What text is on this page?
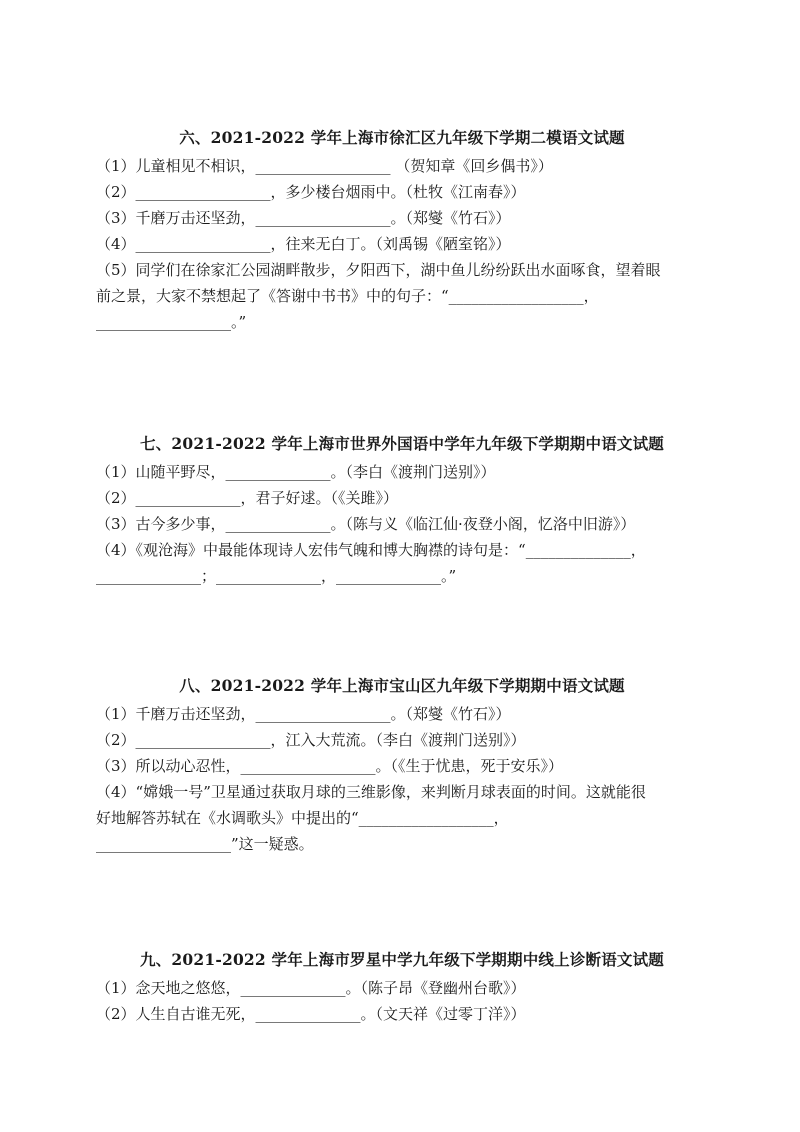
六、2021-2022 学年上海市徐汇区九年级下学期二模语文试题
（1）儿童相见不相识，__________________ （贺知章《回乡偶书》）
（2）__________________，多少楼台烟雨中。（杜牧《江南春》）
（3）千磨万击还坚劲，__________________。（郑燮《竹石》）
（4）__________________，往来无白丁。（刘禹锡《陋室铭》）
（5）同学们在徐家汇公园湖畔散步，夕阳西下，湖中鱼儿纷纷跃出水面啄食，望着眼
前之景，大家不禁想起了《答谢中书书》中的句子：“__________________，
__________________。”
七、2021-2022 学年上海市世界外国语中学年九年级下学期期中语文试题
（1）山随平野尽，______________。（李白《渡荆门送别》）
（2）______________，君子好逑。（《关雎》）
（3）古今多少事，______________。（陈与义《临江仙·夜登小阁，忆洛中旧游》）
（4）《观沧海》中最能体现诗人宏伟气魄和博大胸襟的诗句是：“______________，
______________；______________，______________。”
八、2021-2022 学年上海市宝山区九年级下学期期中语文试题
（1）千磨万击还坚劲，__________________。（郑燮《竹石》）
（2）__________________，江入大荒流。（李白《渡荆门送别》）
（3）所以动心忍性，__________________。（《生于忧患，死于安乐》）
（4）“嫦娥一号”卫星通过获取月球的三维影像，来判断月球表面的时间。这就能很
好地解答苏轼在《水调歌头》中提出的“__________________，
__________________”这一疑惑。
九、2021-2022 学年上海市罗星中学九年级下学期期中线上诊断语文试题
（1）念天地之悠悠，______________。（陈子昂《登幽州台歌》）
（2）人生自古谁无死，______________。（文天祥《过零丁洋》）
